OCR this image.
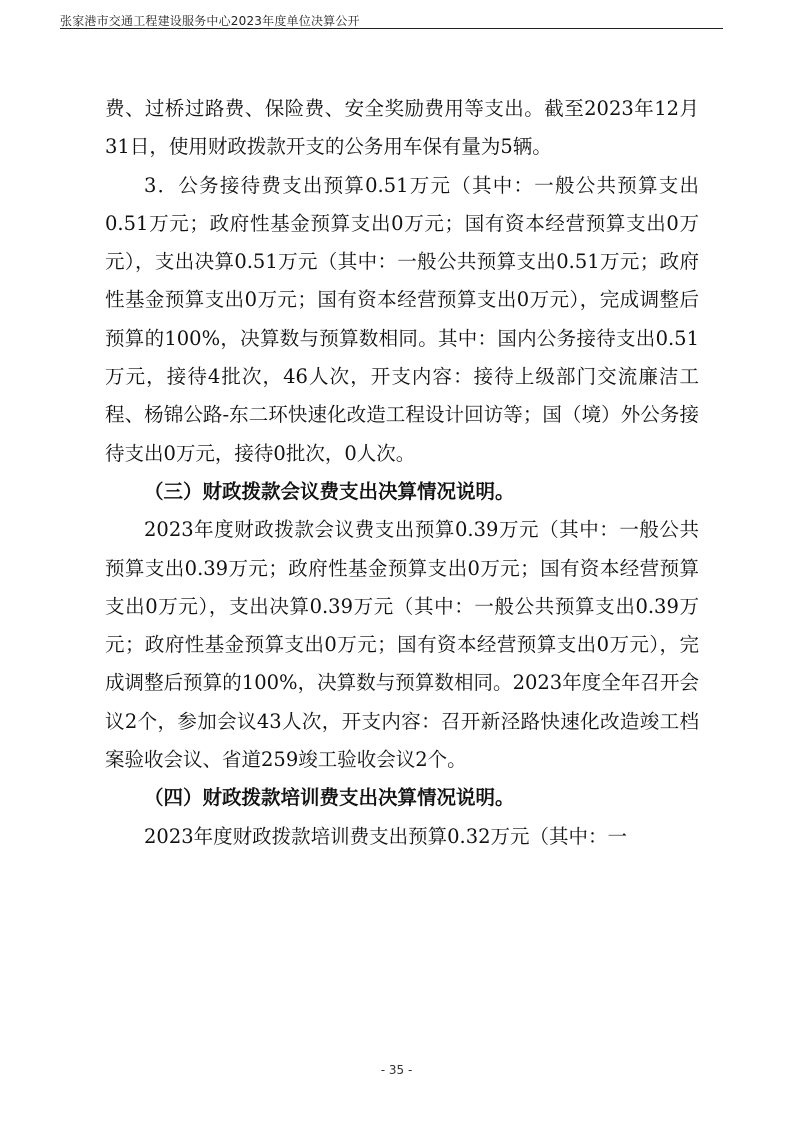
张家港市交通工程建设服务中心2023年度单位决算公开

费、过桥过路费、保险费、安全奖励费用等支出。截至2023年12月31日，使用财政拨款开支的公务用车保有量为5辆。

3．公务接待费支出预算0.51万元（其中：一般公共预算支出0.51万元；政府性基金预算支出0万元；国有资本经营预算支出0万元），支出决算0.51万元（其中：一般公共预算支出0.51万元；政府性基金预算支出0万元；国有资本经营预算支出0万元），完成调整后预算的100%，决算数与预算数相同。其中：国内公务接待支出0.51万元，接待4批次，46人次，开支内容：接待上级部门交流廉洁工程、杨锦公路-东二环快速化改造工程设计回访等；国（境）外公务接待支出0万元，接待0批次，0人次。

（三）财政拨款会议费支出决算情况说明。

2023年度财政拨款会议费支出预算0.39万元（其中：一般公共预算支出0.39万元；政府性基金预算支出0万元；国有资本经营预算支出0万元），支出决算0.39万元（其中：一般公共预算支出0.39万元；政府性基金预算支出0万元；国有资本经营预算支出0万元），完成调整后预算的100%，决算数与预算数相同。2023年度全年召开会议2个，参加会议43人次，开支内容：召开新泾路快速化改造竣工档案验收会议、省道259竣工验收会议2个。

（四）财政拨款培训费支出决算情况说明。

2023年度财政拨款培训费支出预算0.32万元（其中：一

- 35 -
